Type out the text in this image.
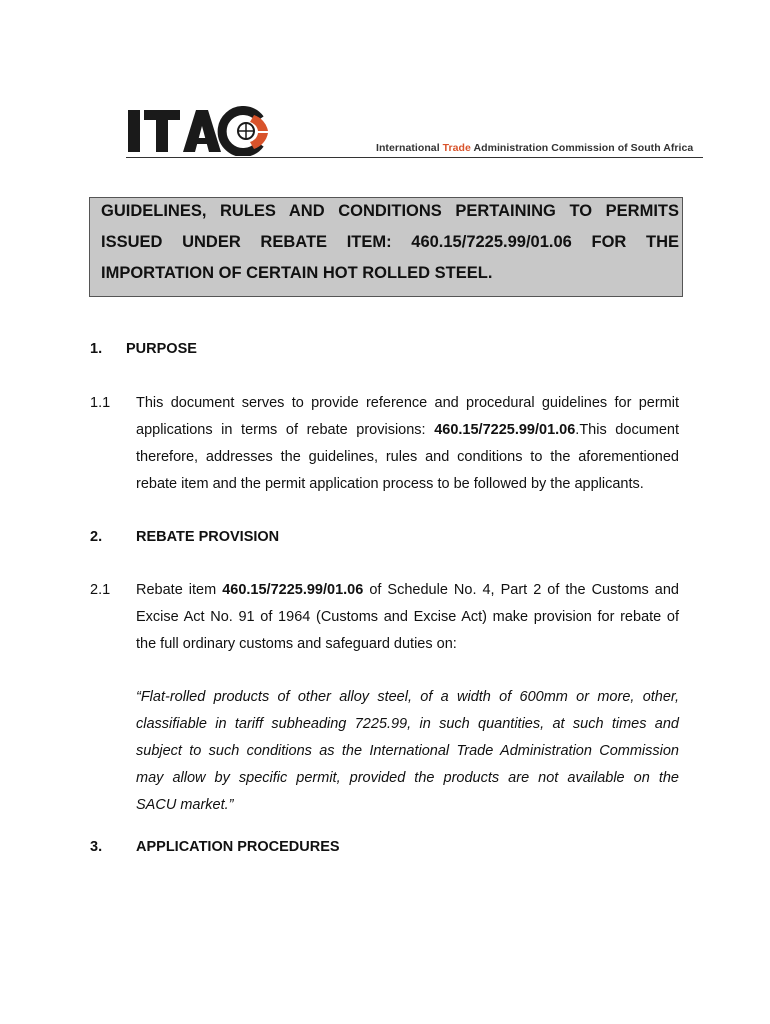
International Trade Administration Commission of South Africa
GUIDELINES, RULES AND CONDITIONS PERTAINING TO PERMITS
ISSUED UNDER REBATE ITEM: 460.15/7225.99/01.06 FOR THE
IMPORTATION OF CERTAIN HOT ROLLED STEEL.
1. PURPOSE
1.1 This document serves to provide reference and procedural guidelines for permit
applications in terms of rebate provisions: 460.15/7225.99/01.06.This document
therefore, addresses the guidelines, rules and conditions to the aforementioned
rebate item and the permit application process to be followed by the applicants.
2. REBATE PROVISION
2.1 Rebate item 460.15/7225.99/01.06 of Schedule No. 4, Part 2 of the Customs and
Excise Act No. 91 of 1964 (Customs and Excise Act) make provision for rebate of
the full ordinary customs and safeguard duties on:
“Flat-rolled products of other alloy steel, of a width of 600mm or more, other,
classifiable in tariff subheading 7225.99, in such quantities, at such times and
subject to such conditions as the International Trade Administration Commission
may allow by specific permit, provided the products are not available on the
SACU market.”
3. APPLICATION PROCEDURES
